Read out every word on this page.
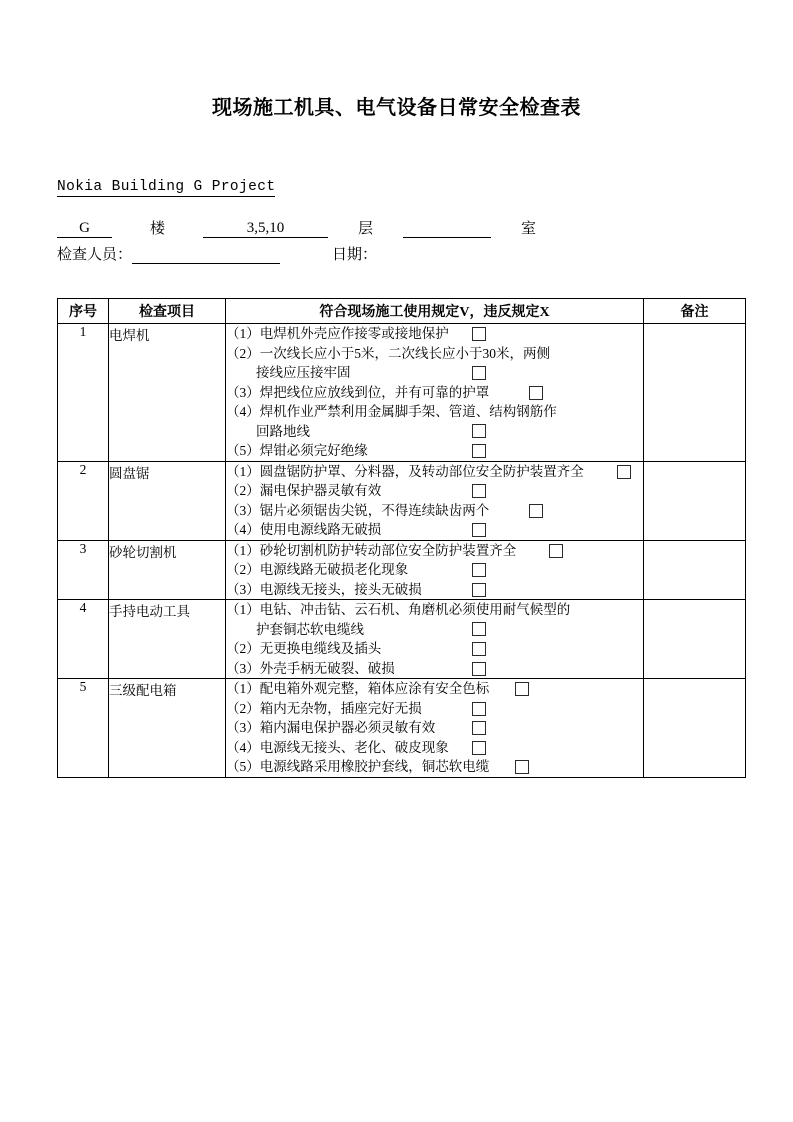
现场施工机具、电气设备日常安全检查表
Nokia Building G Project
G	楼	3,5,10	层	室
检查人员：	日期：
序号	检查项目	符合现场施工使用规定V，违反规定X	备注
1	电焊机	（1）电焊机外壳应作接零或接地保护
（2）一次线长应小于5米，二次线长应小于30米，两侧
接线应压接牢固
（3）焊把线位应放线到位，并有可靠的护罩
（4）焊机作业严禁利用金属脚手架、管道、结构钢筋作
回路地线
（5）焊钳必须完好绝缘

2	圆盘锯	（1）圆盘锯防护罩、分料器，及转动部位安全防护装置齐全
（2）漏电保护器灵敏有效
（3）锯片必须锯齿尖锐，不得连续缺齿两个
（4）使用电源线路无破损	

3	砂轮切割机	（1）砂轮切割机防护转动部位安全防护装置齐全
（2）电源线路无破损老化现象
（3）电源线无接头，接头无破损	

4	手持电动工具	（1）电钻、冲击钻、云石机、角磨机必须使用耐气候型的
护套铜芯软电缆线
（2）无更换电缆线及插头
（3）外壳手柄无破裂、破损	

5	三级配电箱	（1）配电箱外观完整，箱体应涂有安全色标
（2）箱内无杂物，插座完好无损
（3）箱内漏电保护器必须灵敏有效
（4）电源线无接头、老化、破皮现象
（5）电源线路采用橡胶护套线，铜芯软电缆	
